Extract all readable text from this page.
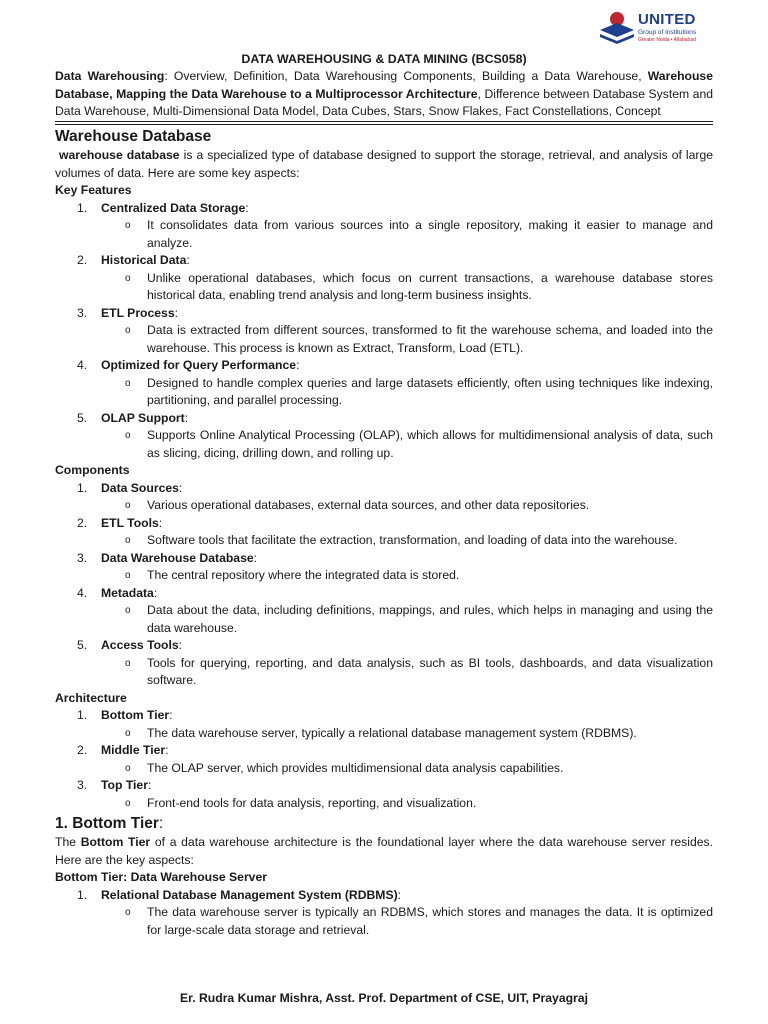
UNITED
Group of Institutions
Greater Noida • Allahabad
DATA WAREHOUSING & DATA MINING (BCS058)
Data Warehousing: Overview, Definition, Data Warehousing Components, Building a Data Warehouse, Warehouse Database, Mapping the Data Warehouse to a Multiprocessor Architecture, Difference between Database System and Data Warehouse, Multi-Dimensional Data Model, Data Cubes, Stars, Snow Flakes, Fact Constellations, Concept
Warehouse Database

warehouse database is a specialized type of database designed to support the storage, retrieval, and analysis of large volumes of data. Here are some key aspects:

Key Features
1. Centralized Data Storage:
o It consolidates data from various sources into a single repository, making it easier to manage and analyze.
2. Historical Data:
o Unlike operational databases, which focus on current transactions, a warehouse database stores historical data, enabling trend analysis and long-term business insights.
3. ETL Process:
o Data is extracted from different sources, transformed to fit the warehouse schema, and loaded into the warehouse. This process is known as Extract, Transform, Load (ETL).
4. Optimized for Query Performance:
o Designed to handle complex queries and large datasets efficiently, often using techniques like indexing, partitioning, and parallel processing.
5. OLAP Support:
o Supports Online Analytical Processing (OLAP), which allows for multidimensional analysis of data, such as slicing, dicing, drilling down, and rolling up.
Components
1. Data Sources:
o Various operational databases, external data sources, and other data repositories.
2. ETL Tools:
o Software tools that facilitate the extraction, transformation, and loading of data into the warehouse.
3. Data Warehouse Database:
o The central repository where the integrated data is stored.
4. Metadata:
o Data about the data, including definitions, mappings, and rules, which helps in managing and using the data warehouse.
5. Access Tools:
o Tools for querying, reporting, and data analysis, such as BI tools, dashboards, and data visualization software.
Architecture
1. Bottom Tier:
o The data warehouse server, typically a relational database management system (RDBMS).
2. Middle Tier:
o The OLAP server, which provides multidimensional data analysis capabilities.
3. Top Tier:
o Front-end tools for data analysis, reporting, and visualization.
1. Bottom Tier:

The Bottom Tier of a data warehouse architecture is the foundational layer where the data warehouse server resides. Here are the key aspects:

Bottom Tier: Data Warehouse Server
1. Relational Database Management System (RDBMS):
o The data warehouse server is typically an RDBMS, which stores and manages the data. It is optimized for large-scale data storage and retrieval.
Er. Rudra Kumar Mishra, Asst. Prof. Department of CSE, UIT, Prayagraj
